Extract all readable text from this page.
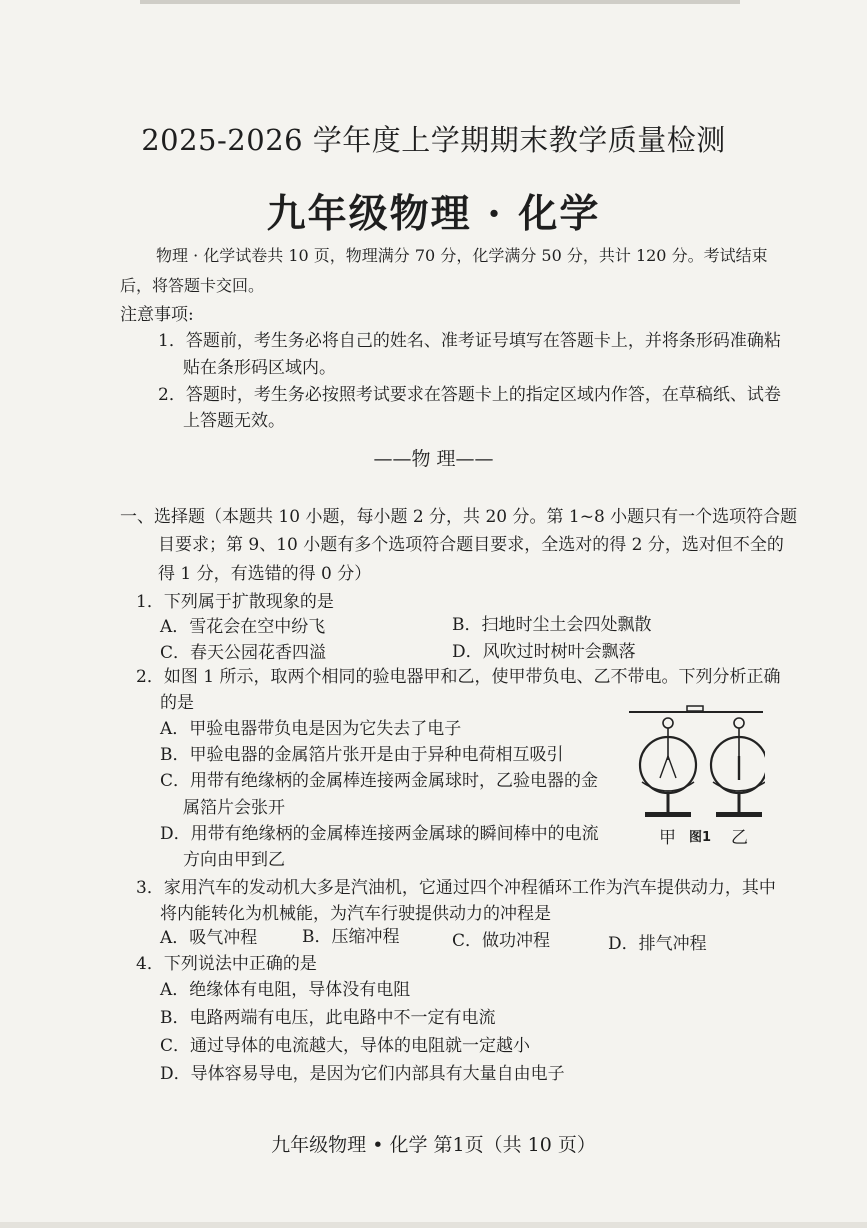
2025-2026 学年度上学期期末教学质量检测
九年级物理 · 化学
物理 · 化学试卷共 10 页，物理满分 70 分，化学满分 50 分，共计 120 分。考试结束
后，将答题卡交回。
注意事项:
1．答题前，考生务必将自己的姓名、准考证号填写在答题卡上，并将条形码准确粘
贴在条形码区域内。
2．答题时，考生务必按照考试要求在答题卡上的指定区域内作答，在草稿纸、试卷
上答题无效。
——物 理——
一、选择题（本题共 10 小题，每小题 2 分，共 20 分。第 1~8 小题只有一个选项符合题
目要求；第 9、10 小题有多个选项符合题目要求，全选对的得 2 分，选对但不全的
得 1 分，有选错的得 0 分）
1．下列属于扩散现象的是
A．雪花会在空中纷飞	B．扫地时尘土会四处飘散
C．春天公园花香四溢	D．风吹过时树叶会飘落
2．如图 1 所示，取两个相同的验电器甲和乙，使甲带负电、乙不带电。下列分析正确
的是
A．甲验电器带负电是因为它失去了电子
B．甲验电器的金属箔片张开是由于异种电荷相互吸引
C．用带有绝缘柄的金属棒连接两金属球时，乙验电器的金
属箔片会张开
D．用带有绝缘柄的金属棒连接两金属球的瞬间棒中的电流
方向由甲到乙
甲 图1 乙
3．家用汽车的发动机大多是汽油机，它通过四个冲程循环工作为汽车提供动力，其中
将内能转化为机械能，为汽车行驶提供动力的冲程是
A．吸气冲程	B．压缩冲程	C．做功冲程	D．排气冲程
4．下列说法中正确的是
A．绝缘体有电阻，导体没有电阻
B．电路两端有电压，此电路中不一定有电流
C．通过导体的电流越大，导体的电阻就一定越小
D．导体容易导电，是因为它们内部具有大量自由电子
九年级物理 • 化学 第1页（共 10 页）
